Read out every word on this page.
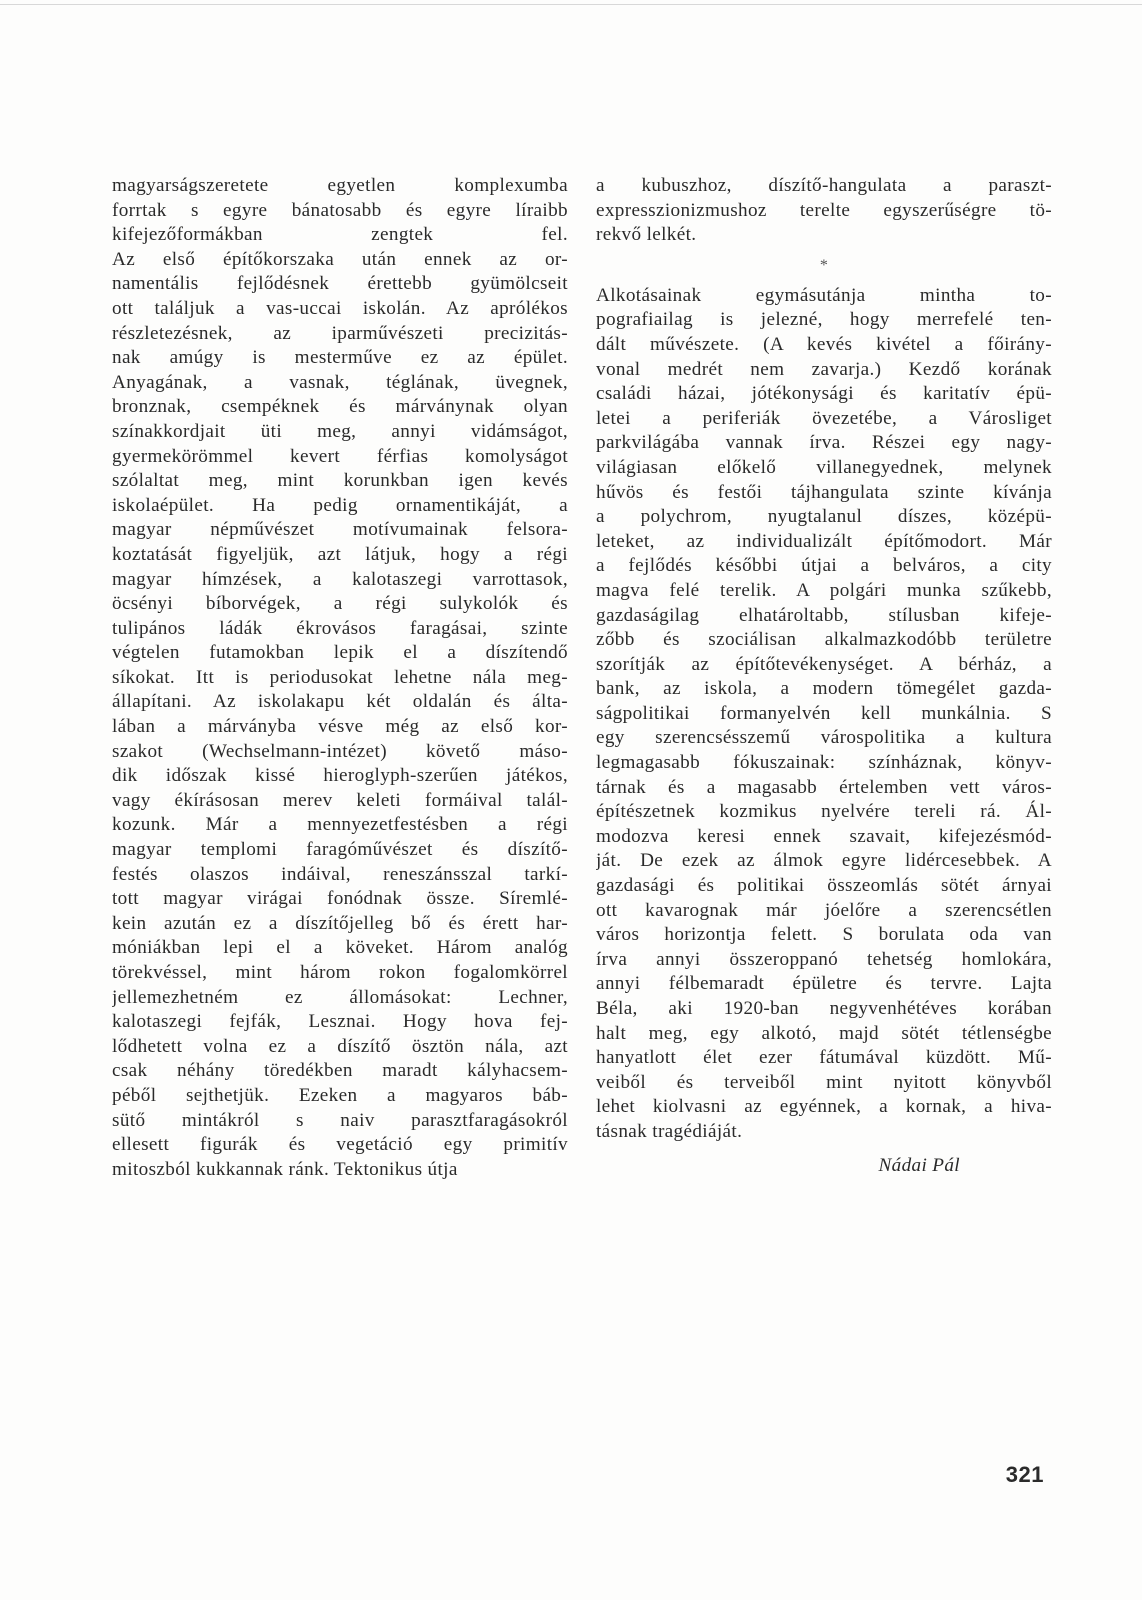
magyarságszeretete egyetlen komplexumba
forrtak s egyre bánatosabb és egyre líraibb
kifejezőformákban zengtek fel.
Az első építőkorszaka után ennek az or-
namentális fejlődésnek érettebb gyümölcseit
ott találjuk a vas-uccai iskolán. Az aprólékos
részletezésnek, az iparművészeti precizitás-
nak amúgy is mesterműve ez az épület.
Anyagának, a vasnak, téglának, üvegnek,
bronznak, csempéknek és márványnak olyan
színakkordjait üti meg, annyi vidámságot,
gyermekörömmel kevert férfias komolyságot
szólaltat meg, mint korunkban igen kevés
iskolaépület. Ha pedig ornamentikáját, a
magyar népművészet motívumainak felsora-
koztatását figyeljük, azt látjuk, hogy a régi
magyar hímzések, a kalotaszegi varrottasok,
öcsényi bíborvégek, a régi sulykolók és
tulipános ládák ékrovásos faragásai, szinte
végtelen futamokban lepik el a díszítendő
síkokat. Itt is periodusokat lehetne nála meg-
állapítani. Az iskolakapu két oldalán és álta-
lában a márványba vésve még az első kor-
szakot (Wechselmann-intézet) követő máso-
dik időszak kissé hieroglyph-szerűen játékos,
vagy ékírásosan merev keleti formáival talál-
kozunk. Már a mennyezetfestésben a régi
magyar templomi faragóművészet és díszítő-
festés olaszos indáival, reneszánsszal tarkí-
tott magyar virágai fonódnak össze. Síremlé-
kein azután ez a díszítőjelleg bő és érett har-
móniákban lepi el a köveket. Három analóg
törekvéssel, mint három rokon fogalomkörrel
jellemezhetném ez állomásokat: Lechner,
kalotaszegi fejfák, Lesznai. Hogy hova fej-
lődhetett volna ez a díszítő ösztön nála, azt
csak néhány töredékben maradt kályhacsem-
péből sejthetjük. Ezeken a magyaros báb-
sütő mintákról s naiv parasztfaragásokról
ellesett figurák és vegetáció egy primitív
mitoszból kukkannak ránk. Tektonikus útja
a kubuszhoz, díszítő-hangulata a paraszt-
expresszionizmushoz terelte egyszerűségre tö-
rekvő lelkét.
*
Alkotásainak egymásutánja mintha to-
pografiailag is jelezné, hogy merrefelé ten-
dált művészete. (A kevés kivétel a főirány-
vonal medrét nem zavarja.) Kezdő korának
családi házai, jótékonysági és karitatív épü-
letei a periferiák övezetébe, a Városliget
parkvilágába vannak írva. Részei egy nagy-
világiasan előkelő villanegyednek, melynek
hűvös és festői tájhangulata szinte kívánja
a polychrom, nyugtalanul díszes, középü-
leteket, az individualizált építőmodort. Már
a fejlődés későbbi útjai a belváros, a city
magva felé terelik. A polgári munka szűkebb,
gazdaságilag elhatároltabb, stílusban kifeje-
zőbb és szociálisan alkalmazkodóbb területre
szorítják az építőtevékenységet. A bérház, a
bank, az iskola, a modern tömegélet gazda-
ságpolitikai formanyelvén kell munkálnia. S
egy szerencsésszemű várospolitika a kultura
legmagasabb fókuszainak: színháznak, könyv-
tárnak és a magasabb értelemben vett város-
építészetnek kozmikus nyelvére tereli rá. Ál-
modozva keresi ennek szavait, kifejezésmód-
ját. De ezek az álmok egyre lidércesebbek. A
gazdasági és politikai összeomlás sötét árnyai
ott kavarognak már jóelőre a szerencsétlen
város horizontja felett. S borulata oda van
írva annyi összeroppanó tehetség homlokára,
annyi félbemaradt épületre és tervre. Lajta
Béla, aki 1920-ban negyvenhétéves korában
halt meg, egy alkotó, majd sötét tétlenségbe
hanyatlott élet ezer fátumával küzdött. Mű-
veiből és terveiből mint nyitott könyvből
lehet kiolvasni az egyénnek, a kornak, a hiva-
tásnak tragédiáját.
Nádai Pál
321
